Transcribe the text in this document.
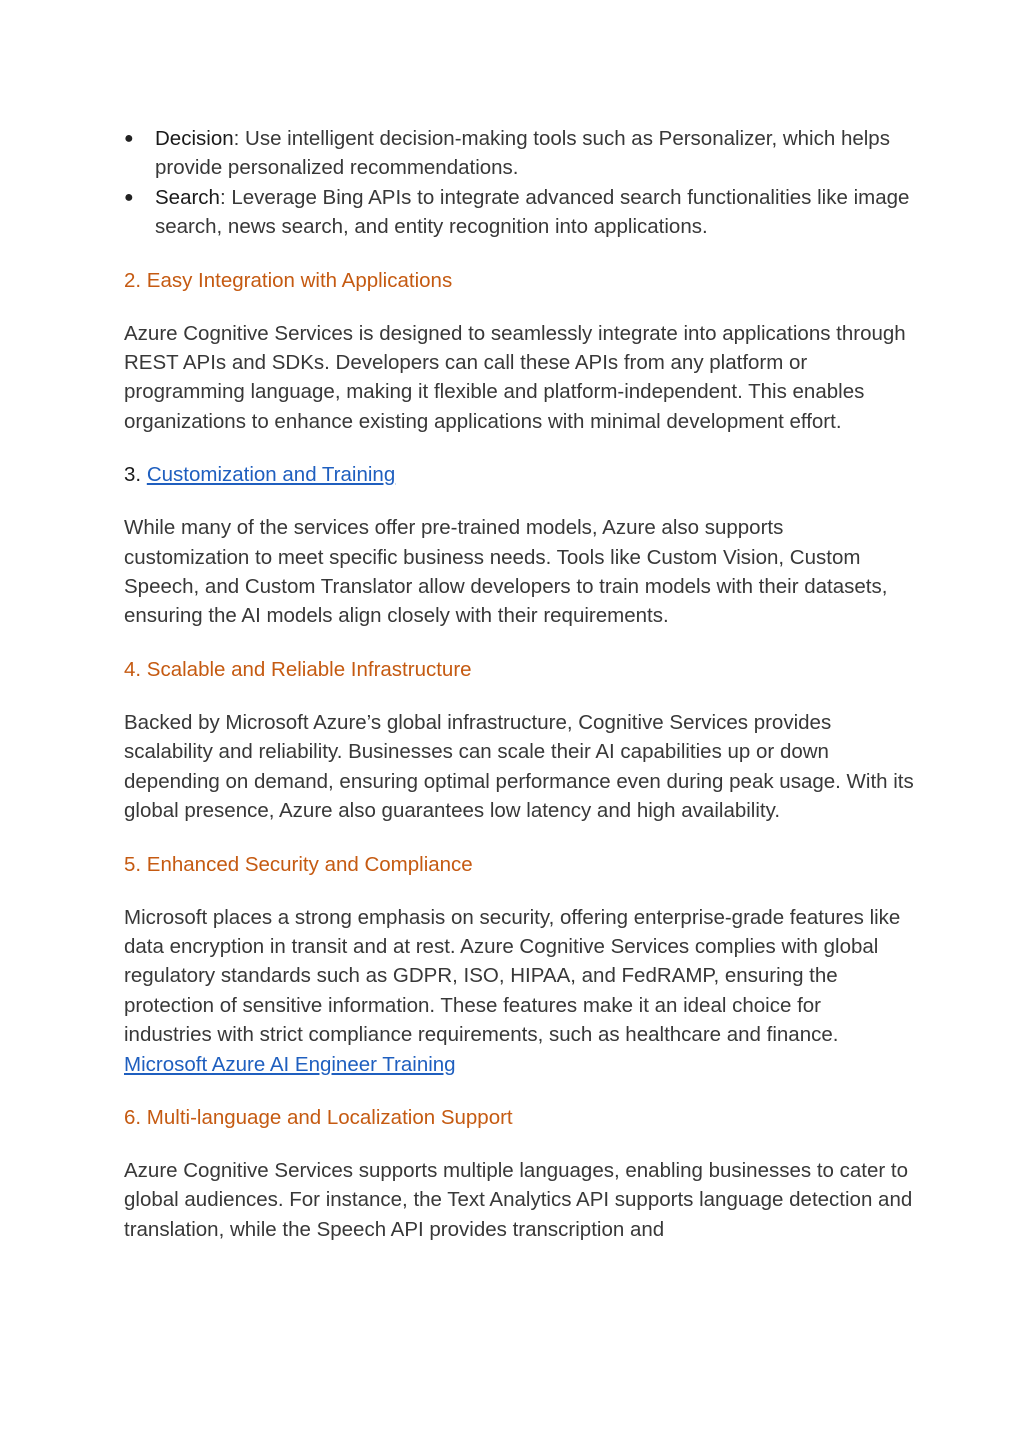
● Decision: Use intelligent decision-making tools such as Personalizer, which helps provide personalized recommendations.
● Search: Leverage Bing APIs to integrate advanced search functionalities like image search, news search, and entity recognition into applications.
2. Easy Integration with Applications

Azure Cognitive Services is designed to seamlessly integrate into applications through REST APIs and SDKs. Developers can call these APIs from any platform or programming language, making it flexible and platform-independent. This enables organizations to enhance existing applications with minimal development effort.

3. Customization and Training

While many of the services offer pre-trained models, Azure also supports customization to meet specific business needs. Tools like Custom Vision, Custom Speech, and Custom Translator allow developers to train models with their datasets, ensuring the AI models align closely with their requirements.

4. Scalable and Reliable Infrastructure

Backed by Microsoft Azure’s global infrastructure, Cognitive Services provides scalability and reliability. Businesses can scale their AI capabilities up or down depending on demand, ensuring optimal performance even during peak usage. With its global presence, Azure also guarantees low latency and high availability.

5. Enhanced Security and Compliance

Microsoft places a strong emphasis on security, offering enterprise-grade features like data encryption in transit and at rest. Azure Cognitive Services complies with global regulatory standards such as GDPR, ISO, HIPAA, and FedRAMP, ensuring the protection of sensitive information. These features make it an ideal choice for industries with strict compliance requirements, such as healthcare and finance. Microsoft Azure AI Engineer Training

6. Multi-language and Localization Support

Azure Cognitive Services supports multiple languages, enabling businesses to cater to global audiences. For instance, the Text Analytics API supports language detection and translation, while the Speech API provides transcription and
